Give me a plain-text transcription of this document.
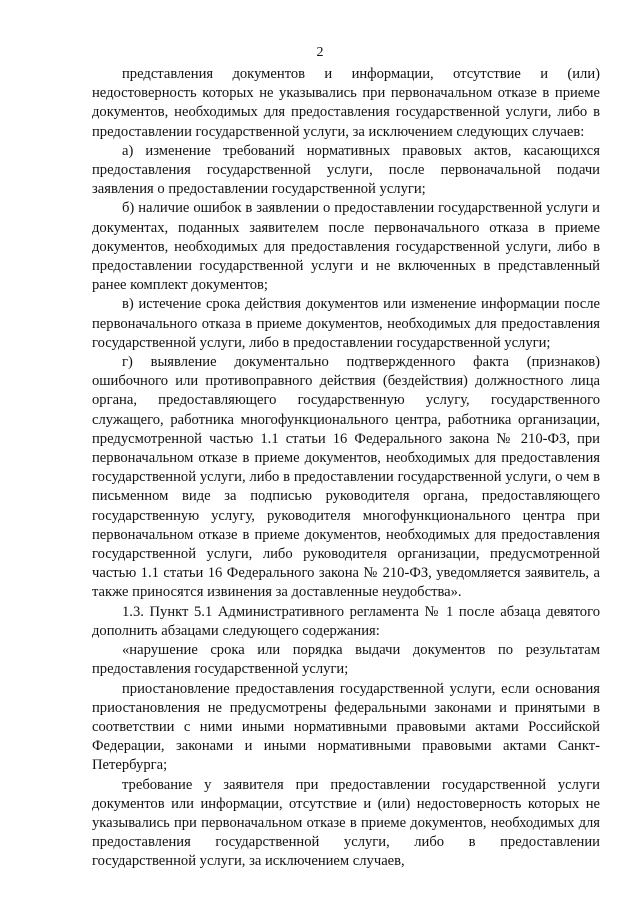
2

представления документов и информации, отсутствие и (или) недостоверность которых не указывались при первоначальном отказе в приеме документов, необходимых для предоставления государственной услуги, либо в предоставлении государственной услуги, за исключением следующих случаев:

а) изменение требований нормативных правовых актов, касающихся предоставления государственной услуги, после первоначальной подачи заявления о предоставлении государственной услуги;

б) наличие ошибок в заявлении о предоставлении государственной услуги и документах, поданных заявителем после первоначального отказа в приеме документов, необходимых для предоставления государственной услуги, либо в предоставлении государственной услуги и не включенных в представленный ранее комплект документов;

в) истечение срока действия документов или изменение информации после первоначального отказа в приеме документов, необходимых для предоставления государственной услуги, либо в предоставлении государственной услуги;

г) выявление документально подтвержденного факта (признаков) ошибочного или противоправного действия (бездействия) должностного лица органа, предоставляющего государственную услугу, государственного служащего, работника многофункционального центра, работника организации, предусмотренной частью 1.1 статьи 16 Федерального закона № 210-ФЗ, при первоначальном отказе в приеме документов, необходимых для предоставления государственной услуги, либо в предоставлении государственной услуги, о чем в письменном виде за подписью руководителя органа, предоставляющего государственную услугу, руководителя многофункционального центра при первоначальном отказе в приеме документов, необходимых для предоставления государственной услуги, либо руководителя организации, предусмотренной частью 1.1 статьи 16 Федерального закона № 210-ФЗ, уведомляется заявитель, а также приносятся извинения за доставленные неудобства».

1.3. Пункт 5.1 Административного регламента № 1 после абзаца девятого дополнить абзацами следующего содержания:

«нарушение срока или порядка выдачи документов по результатам предоставления государственной услуги;

приостановление предоставления государственной услуги, если основания приостановления не предусмотрены федеральными законами и принятыми в соответствии с ними иными нормативными правовыми актами Российской Федерации, законами и иными нормативными правовыми актами Санкт-Петербурга;

требование у заявителя при предоставлении государственной услуги документов или информации, отсутствие и (или) недостоверность которых не указывались при первоначальном отказе в приеме документов, необходимых для предоставления государственной услуги, либо в предоставлении государственной услуги, за исключением случаев,
